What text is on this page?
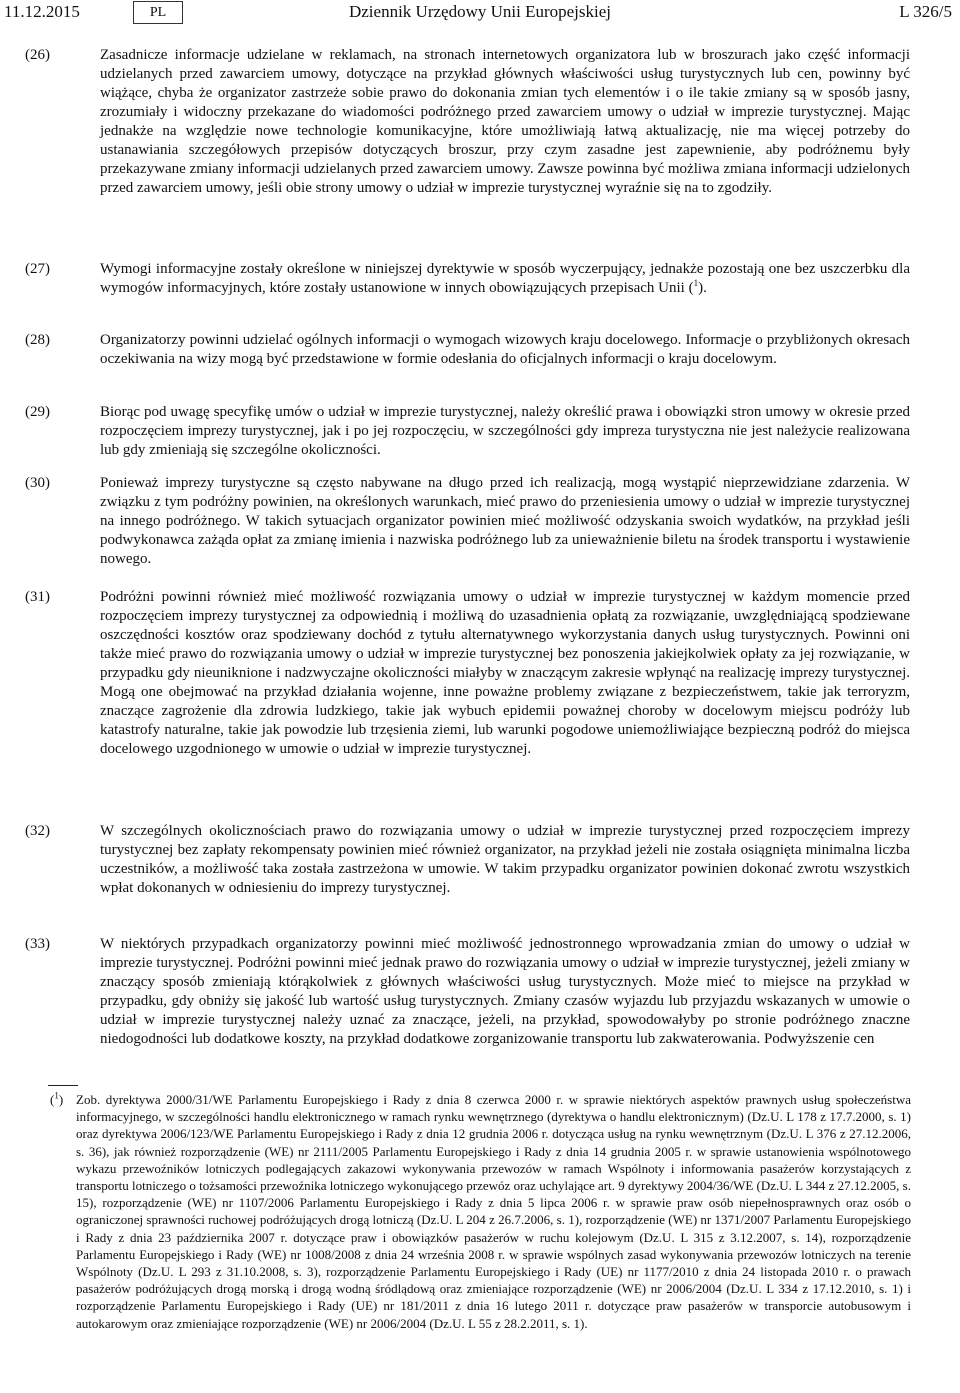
11.12.2015	PL	Dziennik Urzędowy Unii Europejskiej	L 326/5
(26)	Zasadnicze informacje udzielane w reklamach, na stronach internetowych organizatora lub w broszurach jako część informacji udzielanych przed zawarciem umowy, dotyczące na przykład głównych właściwości usług turystycznych lub cen, powinny być wiążące, chyba że organizator zastrzeże sobie prawo do dokonania zmian tych elementów i o ile takie zmiany są w sposób jasny, zrozumiały i widoczny przekazane do wiadomości podróżnego przed zawarciem umowy o udział w imprezie turystycznej. Mając jednakże na względzie nowe technologie komunikacyjne, które umożliwiają łatwą aktualizację, nie ma więcej potrzeby do ustanawiania szczegółowych przepisów dotyczących broszur, przy czym zasadne jest zapewnienie, aby podróżnemu były przekazywane zmiany informacji udzielanych przed zawarciem umowy. Zawsze powinna być możliwa zmiana informacji udzielonych przed zawarciem umowy, jeśli obie strony umowy o udział w imprezie turystycznej wyraźnie się na to zgodziły.
(27)	Wymogi informacyjne zostały określone w niniejszej dyrektywie w sposób wyczerpujący, jednakże pozostają one bez uszczerbku dla wymogów informacyjnych, które zostały ustanowione w innych obowiązujących przepisach Unii ($^1$).
(28)	Organizatorzy powinni udzielać ogólnych informacji o wymogach wizowych kraju docelowego. Informacje o przybliżonych okresach oczekiwania na wizy mogą być przedstawione w formie odesłania do oficjalnych informacji o kraju docelowym.
(29)	Biorąc pod uwagę specyfikę umów o udział w imprezie turystycznej, należy określić prawa i obowiązki stron umowy w okresie przed rozpoczęciem imprezy turystycznej, jak i po jej rozpoczęciu, w szczególności gdy impreza turystyczna nie jest należycie realizowana lub gdy zmieniają się szczególne okoliczności.
(30)	Ponieważ imprezy turystyczne są często nabywane na długo przed ich realizacją, mogą wystąpić nieprzewidziane zdarzenia. W związku z tym podróżny powinien, na określonych warunkach, mieć prawo do przeniesienia umowy o udział w imprezie turystycznej na innego podróżnego. W takich sytuacjach organizator powinien mieć możliwość odzyskania swoich wydatków, na przykład jeśli podwykonawca zażąda opłat za zmianę imienia i nazwiska podróżnego lub za unieważnienie biletu na środek transportu i wystawienie nowego.
(31)	Podróżni powinni również mieć możliwość rozwiązania umowy o udział w imprezie turystycznej w każdym momencie przed rozpoczęciem imprezy turystycznej za odpowiednią i możliwą do uzasadnienia opłatą za rozwiązanie, uwzględniającą spodziewane oszczędności kosztów oraz spodziewany dochód z tytułu alternatywnego wykorzystania danych usług turystycznych. Powinni oni także mieć prawo do rozwiązania umowy o udział w imprezie turystycznej bez ponoszenia jakiejkolwiek opłaty za jej rozwiązanie, w przypadku gdy nieuniknione i nadzwyczajne okoliczności miałyby w znaczącym zakresie wpłynąć na realizację imprezy turystycznej. Mogą one obejmować na przykład działania wojenne, inne poważne problemy związane z bezpieczeństwem, takie jak terroryzm, znaczące zagrożenie dla zdrowia ludzkiego, takie jak wybuch epidemii poważnej choroby w docelowym miejscu podróży lub katastrofy naturalne, takie jak powodzie lub trzęsienia ziemi, lub warunki pogodowe uniemożliwiające bezpieczną podróż do miejsca docelowego uzgodnionego w umowie o udział w imprezie turystycznej.
(32)	W szczególnych okolicznościach prawo do rozwiązania umowy o udział w imprezie turystycznej przed rozpoczęciem imprezy turystycznej bez zapłaty rekompensaty powinien mieć również organizator, na przykład jeżeli nie została osiągnięta minimalna liczba uczestników, a możliwość taka została zastrzeżona w umowie. W takim przypadku organizator powinien dokonać zwrotu wszystkich wpłat dokonanych w odniesieniu do imprezy turystycznej.
(33)	W niektórych przypadkach organizatorzy powinni mieć możliwość jednostronnego wprowadzania zmian do umowy o udział w imprezie turystycznej. Podróżni powinni mieć jednak prawo do rozwiązania umowy o udział w imprezie turystycznej, jeżeli zmiany w znaczący sposób zmieniają którąkolwiek z głównych właściwości usług turystycznych. Może mieć to miejsce na przykład w przypadku, gdy obniży się jakość lub wartość usług turystycznych. Zmiany czasów wyjazdu lub przyjazdu wskazanych w umowie o udział w imprezie turystycznej należy uznać za znaczące, jeżeli, na przykład, spowodowałyby po stronie podróżnego znaczne niedogodności lub dodatkowe koszty, na przykład dodatkowe zorganizowanie transportu lub zakwaterowania. Podwyższenie cen
($^1$) Zob. dyrektywa 2000/31/WE Parlamentu Europejskiego i Rady z dnia 8 czerwca 2000 r. w sprawie niektórych aspektów prawnych usług społeczeństwa informacyjnego, w szczególności handlu elektronicznego w ramach rynku wewnętrznego (dyrektywa o handlu elektronicznym) (Dz.U. L 178 z 17.7.2000, s. 1) oraz dyrektywa 2006/123/WE Parlamentu Europejskiego i Rady z dnia 12 grudnia 2006 r. dotycząca usług na rynku wewnętrznym (Dz.U. L 376 z 27.12.2006, s. 36), jak również rozporządzenie (WE) nr 2111/2005 Parlamentu Europejskiego i Rady z dnia 14 grudnia 2005 r. w sprawie ustanowienia wspólnotowego wykazu przewoźników lotniczych podlegających zakazowi wykonywania przewozów w ramach Wspólnoty i informowania pasażerów korzystających z transportu lotniczego o tożsamości przewoźnika lotniczego wykonującego przewóz oraz uchylające art. 9 dyrektywy 2004/36/WE (Dz.U. L 344 z 27.12.2005, s. 15), rozporządzenie (WE) nr 1107/2006 Parlamentu Europejskiego i Rady z dnia 5 lipca 2006 r. w sprawie praw osób niepełnosprawnych oraz osób o ograniczonej sprawności ruchowej podróżujących drogą lotniczą (Dz.U. L 204 z 26.7.2006, s. 1), rozporządzenie (WE) nr 1371/2007 Parlamentu Europejskiego i Rady z dnia 23 października 2007 r. dotyczące praw i obowiązków pasażerów w ruchu kolejowym (Dz.U. L 315 z 3.12.2007, s. 14), rozporządzenie Parlamentu Europejskiego i Rady (WE) nr 1008/2008 z dnia 24 września 2008 r. w sprawie wspólnych zasad wykonywania przewozów lotniczych na terenie Wspólnoty (Dz.U. L 293 z 31.10.2008, s. 3), rozporządzenie Parlamentu Europejskiego i Rady (UE) nr 1177/2010 z dnia 24 listopada 2010 r. o prawach pasażerów podróżujących drogą morską i drogą wodną śródlądową oraz zmieniające rozporządzenie (WE) nr 2006/2004 (Dz.U. L 334 z 17.12.2010, s. 1) i rozporządzenie Parlamentu Europejskiego i Rady (UE) nr 181/2011 z dnia 16 lutego 2011 r. dotyczące praw pasażerów w transporcie autobusowym i autokarowym oraz zmieniające rozporządzenie (WE) nr 2006/2004 (Dz.U. L 55 z 28.2.2011, s. 1).
